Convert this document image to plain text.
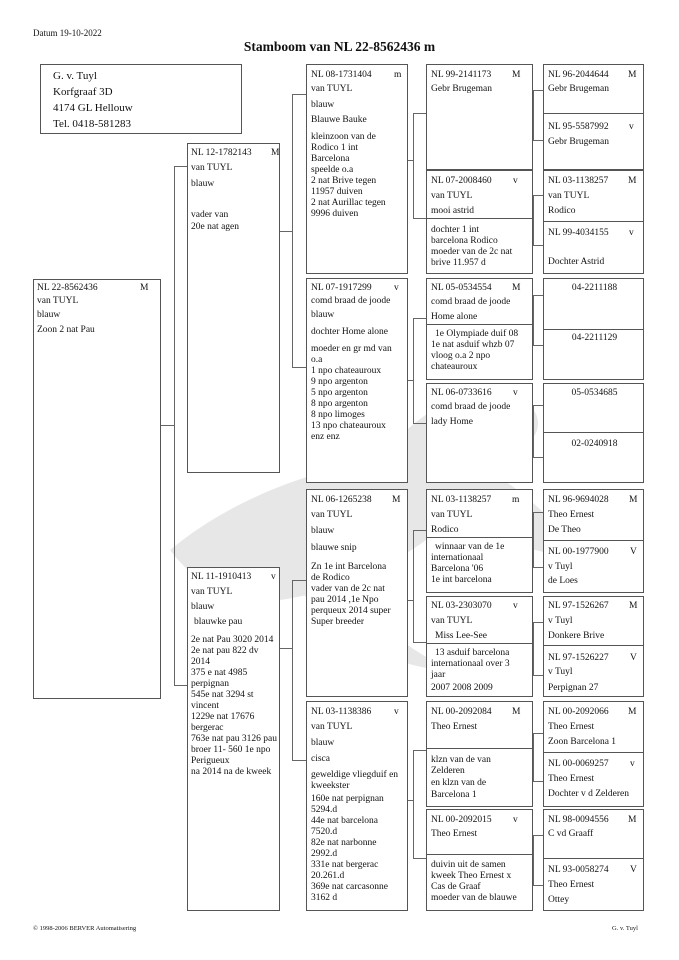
Datum 19-10-2022
Stamboom van NL 22-8562436 m
G. v. Tuyl
Korfgraaf 3D
4174 GL Hellouw
Tel. 0418-581283
NL 22-8562436	M
van TUYL
blauw
Zoon 2 nat Pau
NL 12-1782143 M
van TUYL
blauw
vader van
20e nat agen
NL 11-1910413 v
van TUYL
blauw
blauwke pau
2e nat Pau 3020 2014
2e nat pau 822 dv
2014
375 e nat 4985
perpignan
545e nat 3294 st
vincent
1229e nat 17676
bergerac
763e nat pau 3126 pau
broer 11- 560 1e npo
Perigueux
na 2014 na de kweek
NL 08-1731404 m
van TUYL
blauw
Blauwe Bauke
kleinzoon van de
Rodico 1 int
Barcelona
speelde o.a
2 nat Brive tegen
11957 duiven
2 nat Aurillac tegen
9996 duiven
NL 07-1917299 v
comd braad de joode
blauw
dochter Home alone
moeder en gr md van
o.a
1 npo chateauroux
9 npo argenton
5 npo argenton
8 npo argenton
8 npo limoges
13 npo chateauroux
enz enz
NL 06-1265238 M
van TUYL
blauw
blauwe snip
Zn 1e int Barcelona
de Rodico
vader van de 2c nat
pau 2014 ,1e Npo
perqueux 2014 super
Super breeder
NL 03-1138386 v
van TUYL
blauw
cisca
geweldige vliegduif en
kweekster
160e nat perpignan
5294.d
44e nat barcelona
7520.d
82e nat narbonne
2992.d
331e nat bergerac
20.261.d
369e nat carcasonne
3162 d
NL 99-2141173 M
Gebr Brugeman
NL 07-2008460 v
van TUYL
mooi astrid
dochter 1 int
barcelona Rodico
moeder van de 2c nat
brive 11.957 d
NL 05-0534554 M
comd braad de joode
Home alone
1e Olympiade duif 08
1e nat asduif whzb 07
vloog o.a 2 npo
chateauroux
NL 06-0733616 v
comd braad de joode
lady Home
NL 03-1138257 m
van TUYL
Rodico
winnaar van de 1e
internationaal
Barcelona '06
1e int barcelona
NL 03-2303070 v
van TUYL
Miss Lee-See
13 asduif barcelona
internationaal over 3
jaar
2007 2008 2009
NL 00-2092084 M
Theo Ernest
klzn van de van
Zelderen
en klzn van de
Barcelona 1
NL 00-2092015 v
Theo Ernest
duivin uit de samen
kweek Theo Ernest x
Cas de Graaf
moeder van de blauwe
NL 96-2044644 M
Gebr Brugeman
NL 95-5587992 v
Gebr Brugeman
NL 03-1138257 M
van TUYL
Rodico
NL 99-4034155 v
Dochter Astrid
04-2211188
04-2211129
05-0534685
02-0240918
NL 96-9694028 M
Theo Ernest
De Theo
NL 00-1977900 V
v Tuyl
de Loes
NL 97-1526267 M
v Tuyl
Donkere Brive
NL 97-1526227 V
v Tuyl
Perpignan 27
NL 00-2092066 M
Theo Ernest
Zoon Barcelona 1
NL 00-0069257 v
Theo Ernest
Dochter v d Zelderen
NL 98-0094556 M
C vd Graaff
NL 93-0058274 V
Theo Ernest
Ottey
© 1998-2006 BERVER Automatisering	G. v. Tuyl
